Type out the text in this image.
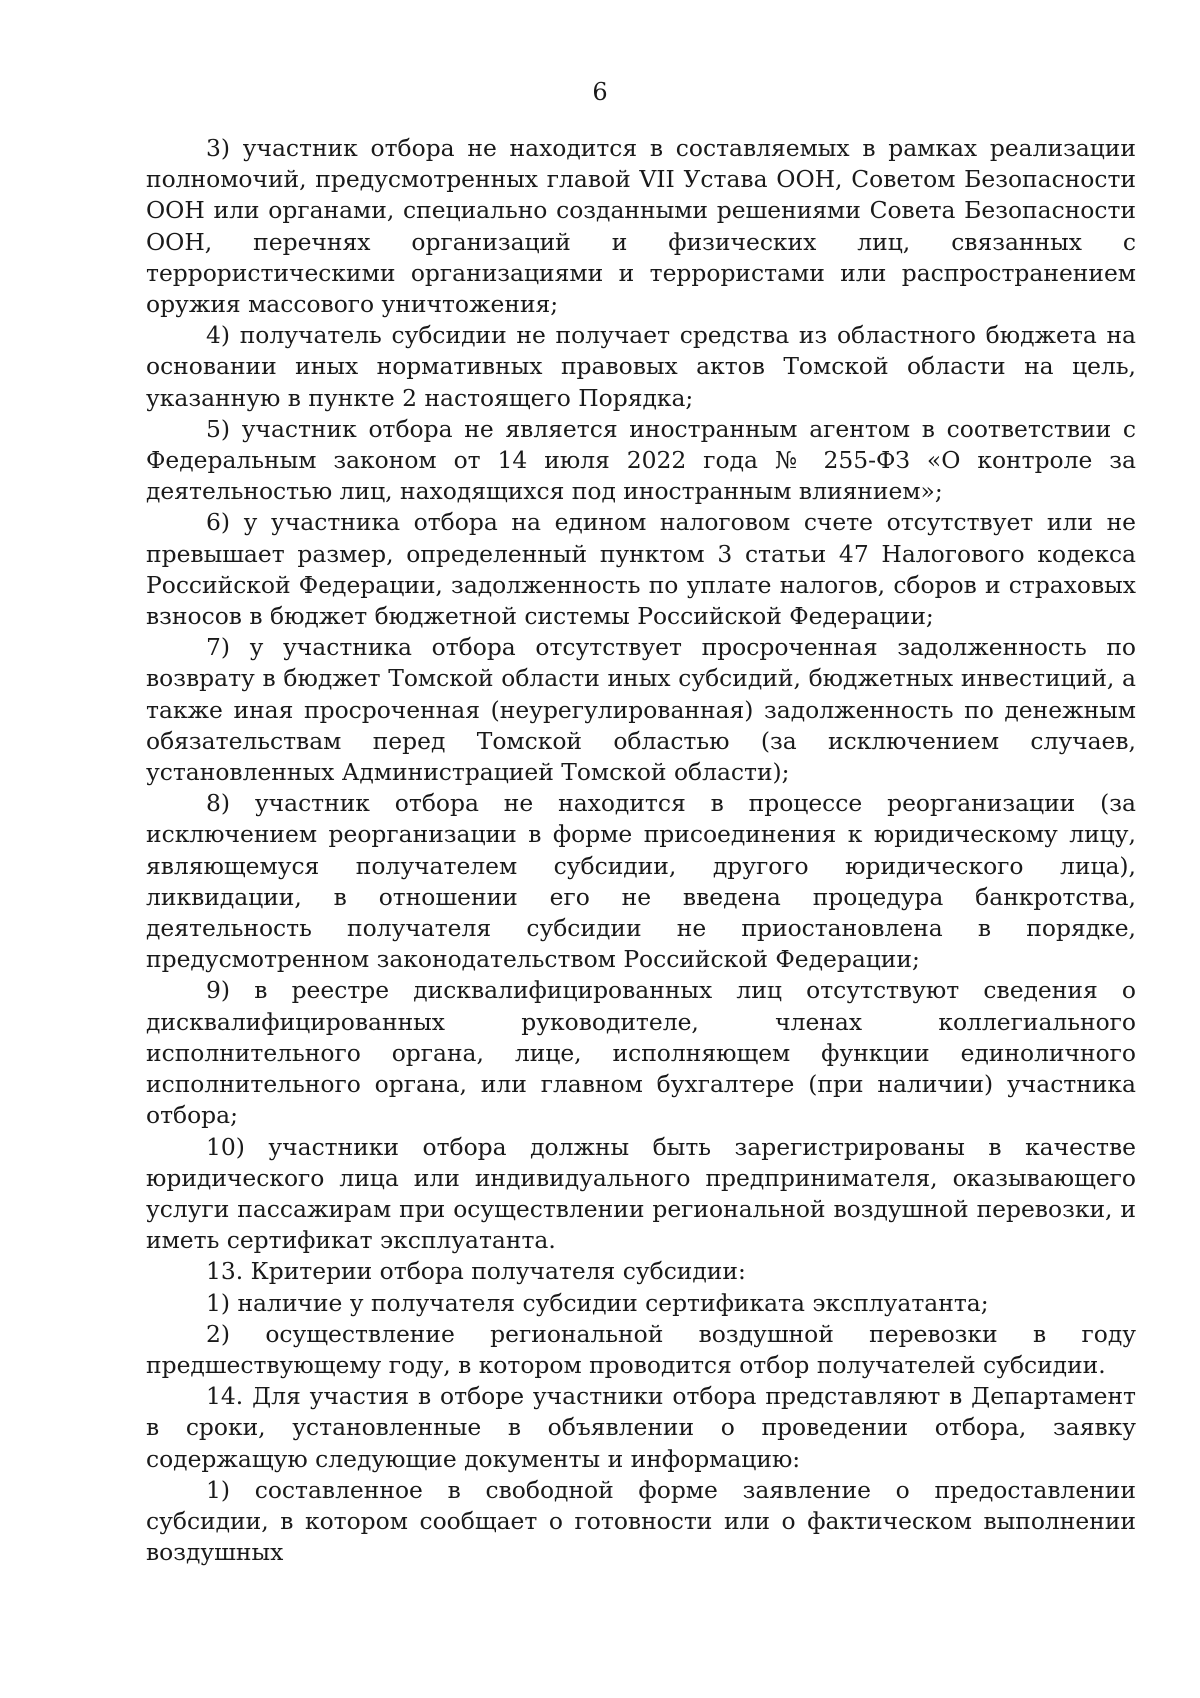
6

3) участник отбора не находится в составляемых в рамках реализации полномочий, предусмотренных главой VII Устава ООН, Советом Безопасности ООН или органами, специально созданными решениями Совета Безопасности ООН, перечнях организаций и физических лиц, связанных с террористическими организациями и террористами или распространением оружия массового уничтожения;

4) получатель субсидии не получает средства из областного бюджета на основании иных нормативных правовых актов Томской области на цель, указанную в пункте 2 настоящего Порядка;

5) участник отбора не является иностранным агентом в соответствии с Федеральным законом от 14 июля 2022 года № 255-ФЗ «О контроле за деятельностью лиц, находящихся под иностранным влиянием»;

6) у участника отбора на едином налоговом счете отсутствует или не превышает размер, определенный пунктом 3 статьи 47 Налогового кодекса Российской Федерации, задолженность по уплате налогов, сборов и страховых взносов в бюджет бюджетной системы Российской Федерации;

7) у участника отбора отсутствует просроченная задолженность по возврату в бюджет Томской области иных субсидий, бюджетных инвестиций, а также иная просроченная (неурегулированная) задолженность по денежным обязательствам перед Томской областью (за исключением случаев, установленных Администрацией Томской области);

8) участник отбора не находится в процессе реорганизации (за исключением реорганизации в форме присоединения к юридическому лицу, являющемуся получателем субсидии, другого юридического лица), ликвидации, в отношении его не введена процедура банкротства, деятельность получателя субсидии не приостановлена в порядке, предусмотренном законодательством Российской Федерации;

9) в реестре дисквалифицированных лиц отсутствуют сведения о дисквалифицированных руководителе, членах коллегиального исполнительного органа, лице, исполняющем функции единоличного исполнительного органа, или главном бухгалтере (при наличии) участника отбора;

10) участники отбора должны быть зарегистрированы в качестве юридического лица или индивидуального предпринимателя, оказывающего услуги пассажирам при осуществлении региональной воздушной перевозки, и иметь сертификат эксплуатанта.

13. Критерии отбора получателя субсидии:

1) наличие у получателя субсидии сертификата эксплуатанта;

2) осуществление региональной воздушной перевозки в году предшествующему году, в котором проводится отбор получателей субсидии.

14. Для участия в отборе участники отбора представляют в Департамент в сроки, установленные в объявлении о проведении отбора, заявку содержащую следующие документы и информацию:

1) составленное в свободной форме заявление о предоставлении субсидии, в котором сообщает о готовности или о фактическом выполнении воздушных
